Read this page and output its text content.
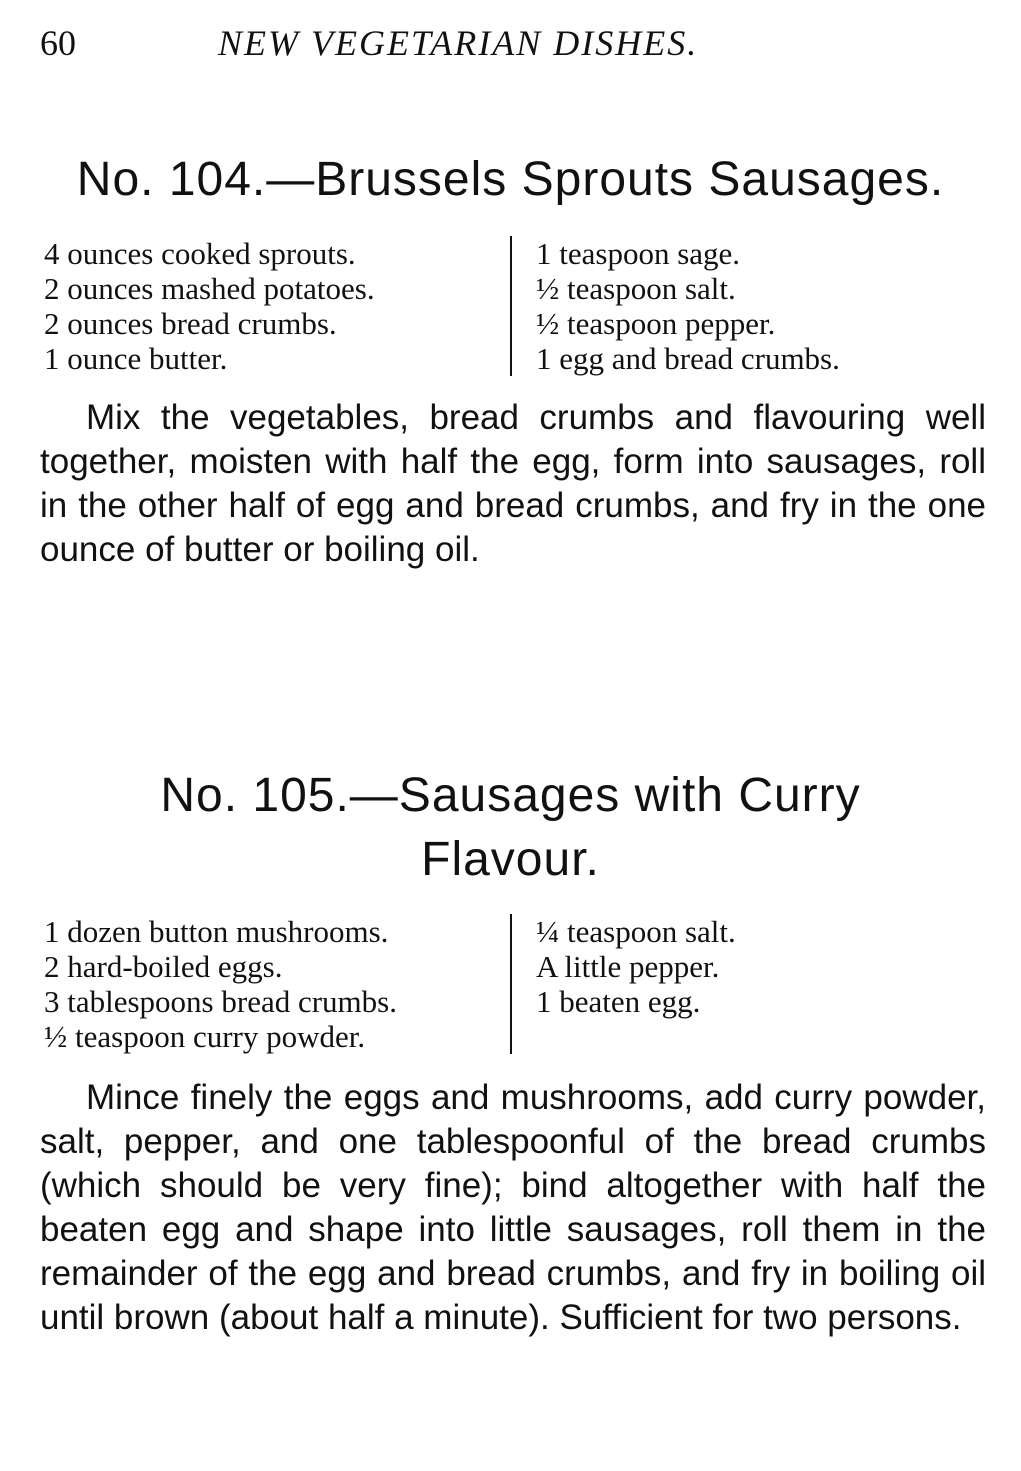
60	NEW VEGETARIAN DISHES.
No. 104.—Brussels Sprouts Sausages.
4 ounces cooked sprouts.
2 ounces mashed potatoes.
2 ounces bread crumbs.
1 ounce butter.
1 teaspoon sage.
½ teaspoon salt.
½ teaspoon pepper.
1 egg and bread crumbs.

Mix the vegetables, bread crumbs and flavouring well together, moisten with half the egg, form into sausages, roll in the other half of egg and bread crumbs, and fry in the one ounce of butter or boiling oil.

No. 105.—Sausages with Curry
Flavour.
1 dozen button mushrooms.
2 hard-boiled eggs.
3 tablespoons bread crumbs.
½ teaspoon curry powder.
¼ teaspoon salt.
A little pepper.
1 beaten egg.

Mince finely the eggs and mushrooms, add curry powder, salt, pepper, and one tablespoonful of the bread crumbs (which should be very fine); bind altogether with half the beaten egg and shape into little sausages, roll them in the remainder of the egg and bread crumbs, and fry in boiling oil until brown (about half a minute). Sufficient for two persons.
